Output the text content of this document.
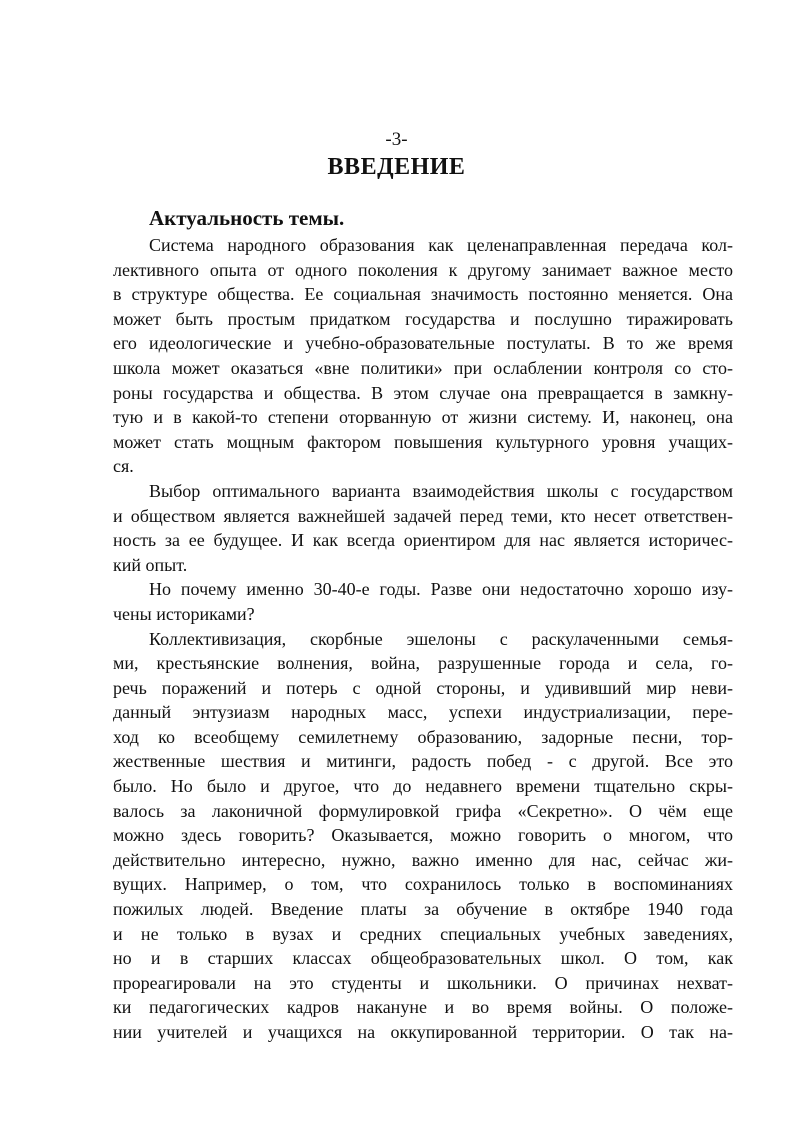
-3-
ВВЕДЕНИЕ
Актуальность темы.

Система народного образования как целенаправленная передача кол-
лективного опыта от одного поколения к другому занимает важное место
в структуре общества. Ее социальная значимость постоянно меняется. Она
может быть простым придатком государства и послушно тиражировать
его идеологические и учебно-образовательные постулаты. В то же время
школа может оказаться «вне политики» при ослаблении контроля со сто-
роны государства и общества. В этом случае она превращается в замкну-
тую и в какой-то степени оторванную от жизни систему. И, наконец, она
может стать мощным фактором повышения культурного уровня учащих-
ся.

Выбор оптимального варианта взаимодействия школы с государством
и обществом является важнейшей задачей перед теми, кто несет ответствен-
ность за ее будущее. И как всегда ориентиром для нас является историчес-
кий опыт.

Но почему именно 30-40-е годы. Разве они недостаточно хорошо изу-
чены историками?

Коллективизация, скорбные эшелоны с раскулаченными семья-
ми, крестьянские волнения, война, разрушенные города и села, го-
речь поражений и потерь с одной стороны, и удививший мир неви-
данный энтузиазм народных масс, успехи индустриализации, пере-
ход ко всеобщему семилетнему образованию, задорные песни, тор-
жественные шествия и митинги, радость побед - с другой. Все это
было. Но было и другое, что до недавнего времени тщательно скры-
валось за лаконичной формулировкой грифа «Секретно». О чём еще
можно здесь говорить? Оказывается, можно говорить о многом, что
действительно интересно, нужно, важно именно для нас, сейчас жи-
вущих. Например, о том, что сохранилось только в воспоминаниях
пожилых людей. Введение платы за обучение в октябре 1940 года
и не только в вузах и средних специальных учебных заведениях,
но и в старших классах общеобразовательных школ. О том, как
прореагировали на это студенты и школьники. О причинах нехват-
ки педагогических кадров накануне и во время войны. О положе-
нии учителей и учащихся на оккупированной территории. О так на-
